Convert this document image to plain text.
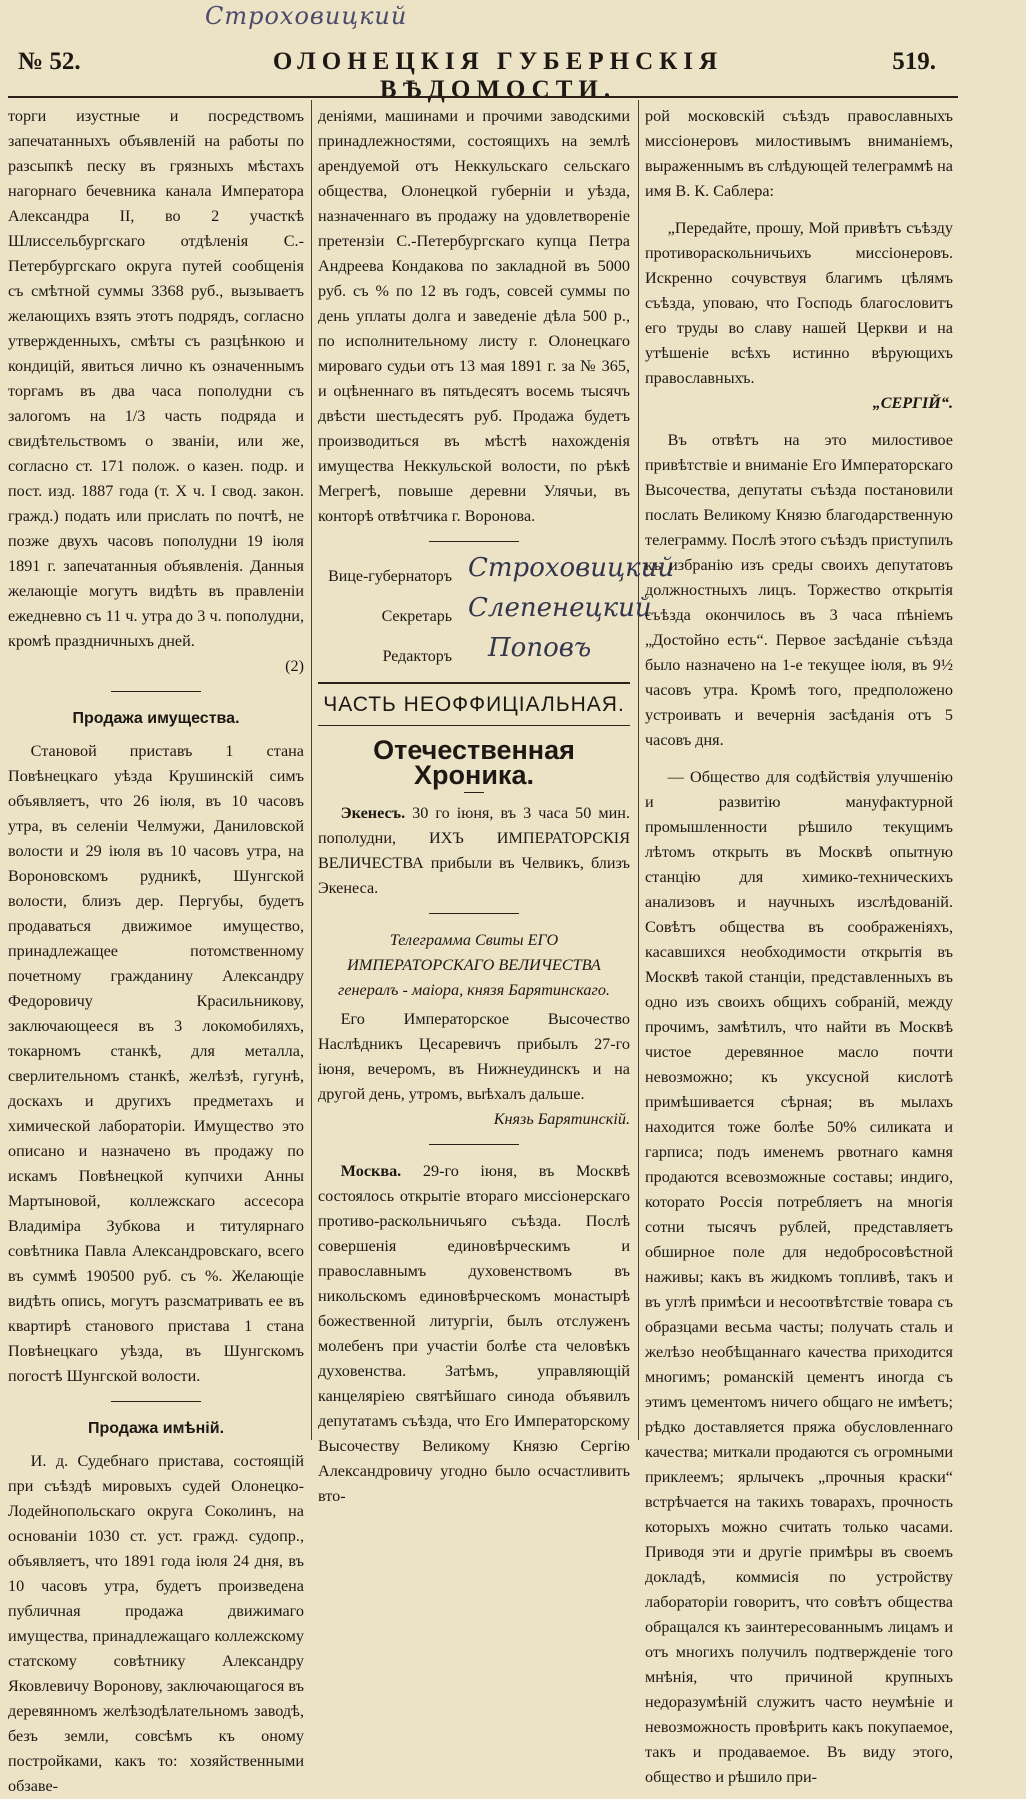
Строховицкий
№ 52.	ОЛОНЕЦКІЯ ГУБЕРНСКІЯ ВѢДОМОСТИ.
519.

торги изустные и посредствомъ запечатанныхъ объявленій на работы по разсыпкѣ песку въ грязныхъ мѣстахъ нагорнаго бечевника канала Императора Александра II, во 2 участкѣ Шлиссельбургскаго отдѣленія С.-Петербургскаго округа путей сообщенія съ смѣтной суммы 3368 руб., вызываетъ желающихъ взять этотъ подрядъ, согласно утвержденныхъ, смѣты съ разцѣнкою и кондицій, явиться лично къ означеннымъ торгамъ въ два часа пополудни съ залогомъ на 1/3 часть подряда и свидѣтельствомъ о званіи, или же, согласно ст. 171 полож. о казен. подр. и пост. изд. 1887 года (т. X ч. I свод. закон. гражд.) подать или прислать по почтѣ, не позже двухъ часовъ пополудни 19 іюля 1891 г. запечатанныя объявленія. Данныя желающіе могутъ видѣть въ правленіи ежедневно съ 11 ч. утра до 3 ч. пополудни, кромѣ праздничныхъ дней.

(2)
Продажа имущества.

Становой приставъ 1 стана Повѣнецкаго уѣзда Крушинскій симъ объявляетъ, что 26 іюля, въ 10 часовъ утра, въ селеніи Челмужи, Даниловской волости и 29 іюля въ 10 часовъ утра, на Вороновскомъ рудникѣ, Шунгской волости, близъ дер. Пергубы, будетъ продаваться движимое имущество, принадлежащее потомственному почетному гражданину Александру Федоровичу Красильникову, заключающееся въ 3 локомобиляхъ, токарномъ станкѣ, для металла, сверлительномъ станкѣ, желѣзѣ, гугунѣ, доскахъ и другихъ предметахъ и химической лабораторіи. Имущество это описано и назначено въ продажу по искамъ Повѣнецкой купчихи Анны Мартыновой, коллежскаго ассесора Владиміра Зубкова и титулярнаго совѣтника Павла Александровскаго, всего въ суммѣ 190500 руб. съ %. Желающіе видѣть опись, могутъ разсматривать ее въ квартирѣ станового пристава 1 стана Повѣнецкаго уѣзда, въ Шунгскомъ погостѣ Шунгской волости.

Продажа имѣній.

И. д. Судебнаго пристава, состоящій при съѣздѣ мировыхъ судей Олонецко-Лодейнопольскаго округа Соколинъ, на основаніи 1030 ст. уст. гражд. судопр., объявляетъ, что 1891 года іюля 24 дня, въ 10 часовъ утра, будетъ произведена публичная продажа движимаго имущества, принадлежащаго коллежскому статскому совѣтнику Александру Яковлевичу Воронову, заключающагося въ деревянномъ желѣзодѣлательномъ заводѣ, безъ земли, совсѣмъ къ оному постройками, какъ то: хозяйственными обзаве-

деніями, машинами и прочими заводскими принадлежностями, состоящихъ на землѣ арендуемой отъ Неккульскаго сельскаго общества, Олонецкой губерніи и уѣзда, назначеннаго въ продажу на удовлетвореніе претензіи С.-Петербургскаго купца Петра Андреева Кондакова по закладной въ 5000 руб. съ % по 12 въ годъ, совсей суммы по день уплаты долга и заведеніе дѣла 500 р., по исполнительному листу г. Олонецкаго мироваго судьи отъ 13 мая 1891 г. за № 365, и оцѣненнаго въ пятьдесятъ восемь тысячъ двѣсти шестьдесятъ руб. Продажа будетъ производиться въ мѣстѣ нахожденія имущества Неккульской волости, по рѣкѣ Мегрегѣ, повыше деревни Улячьи, въ конторѣ отвѣтчика г. Воронова.

Вице-губернаторъ Строховицкий
Секретарь Слепенецкий
Редакторъ Поповъ
ЧАСТЬ НЕОФФИЦІАЛЬНАЯ.
Отечественная Хроника.

Экенесъ. 30 го іюня, въ 3 часа 50 мин. пополудни, ИХЪ ИМПЕРАТОРСКІЯ ВЕЛИЧЕСТВА прибыли въ Челвикъ, близъ Экенеса.

Телеграмма Свиты ЕГО ИМПЕРАТОРСКАГО ВЕЛИЧЕСТВА генералъ - маіора, князя Барятинскаго.

Его Императорское Высочество Наслѣдникъ Цесаревичъ прибылъ 27-го іюня, вечеромъ, въ Нижнеудинскъ и на другой день, утромъ, выѣхалъ дальше.

Князь Барятинскій.

Москва. 29-го іюня, въ Москвѣ состоялось открытіе втораго миссіонерскаго противо-раскольничьяго съѣзда. Послѣ совершенія единовѣрческимъ и православнымъ духовенствомъ въ никольскомъ единовѣрческомъ монастырѣ божественной литургіи, былъ отслуженъ молебенъ при участіи болѣе ста человѣкъ духовенства. Затѣмъ, управляющій канцеляріею святѣйшаго синода объявилъ депутатамъ съѣзда, что Его Императорскому Высочеству Великому Князю Сергію Александровичу угодно было осчастливить вто-

рой московскій съѣздъ православныхъ миссіонеровъ милостивымъ вниманіемъ, выраженнымъ въ слѣдующей телеграммѣ на имя В. К. Саблера:

„Передайте, прошу, Мой привѣтъ съѣзду противораскольничьихъ миссіонеровъ. Искренно сочувствуя благимъ цѣлямъ съѣзда, уповаю, что Господь благословитъ его труды во славу нашей Церкви и на утѣшеніе всѣхъ истинно вѣрующихъ православныхъ.

„СЕРГІЙ“.

Въ отвѣтъ на это милостивое привѣтствіе и вниманіе Его Императорскаго Высочества, депутаты съѣзда постановили послать Великому Князю благодарственную телеграмму. Послѣ этого съѣздъ приступилъ къ избранію изъ среды своихъ депутатовъ должностныхъ лицъ. Торжество открытія съѣзда окончилось въ 3 часа пѣніемъ „Достойно есть“. Первое засѣданіе съѣзда было назначено на 1-е текущее іюля, въ 9½ часовъ утра. Кромѣ того, предположено устроивать и вечернія засѣданія отъ 5 часовъ дня.

— Общество для содѣйствія улучшенію и развитію мануфактурной промышленности рѣшило текущимъ лѣтомъ открыть въ Москвѣ опытную станцію для химико-техническихъ анализовъ и научныхъ изслѣдованій. Совѣтъ общества въ соображеніяхъ, касавшихся необходимости открытія въ Москвѣ такой станціи, представленныхъ въ одно изъ своихъ общихъ собраній, между прочимъ, замѣтилъ, что найти въ Москвѣ чистое деревянное масло почти невозможно; къ уксусной кислотѣ примѣшивается сѣрная; въ мылахъ находится тоже болѣе 50% силиката и гарписа; подъ именемъ рвотнаго камня продаются всевозможные составы; индиго, которато Россія потребляетъ на многія сотни тысячъ рублей, представляетъ обширное поле для недобросовѣстной наживы; какъ въ жидкомъ топливѣ, такъ и въ углѣ примѣси и несоотвѣтствіе товара съ образцами весьма часты; получать сталь и желѣзо необѣщаннаго качества приходится многимъ; романскій цементъ иногда съ этимъ цементомъ ничего общаго не имѣетъ; рѣдко доставляется пряжа обусловленнаго качества; миткали продаются съ огромными приклеемъ; ярлычекъ „прочныя краски“ встрѣчается на такихъ товарахъ, прочность которыхъ можно считать только часами. Приводя эти и другіе примѣры въ своемъ докладѣ, коммисія по устройству лабораторіи говоритъ, что совѣтъ общества обращался къ заинтересованнымъ лицамъ и отъ многихъ получилъ подтвержденіе того мнѣнія, что причиной крупныхъ недоразумѣній служитъ часто неумѣніе и невозможность провѣрить какъ покупаемое, такъ и продаваемое. Въ виду этого, общество и рѣшило при-
